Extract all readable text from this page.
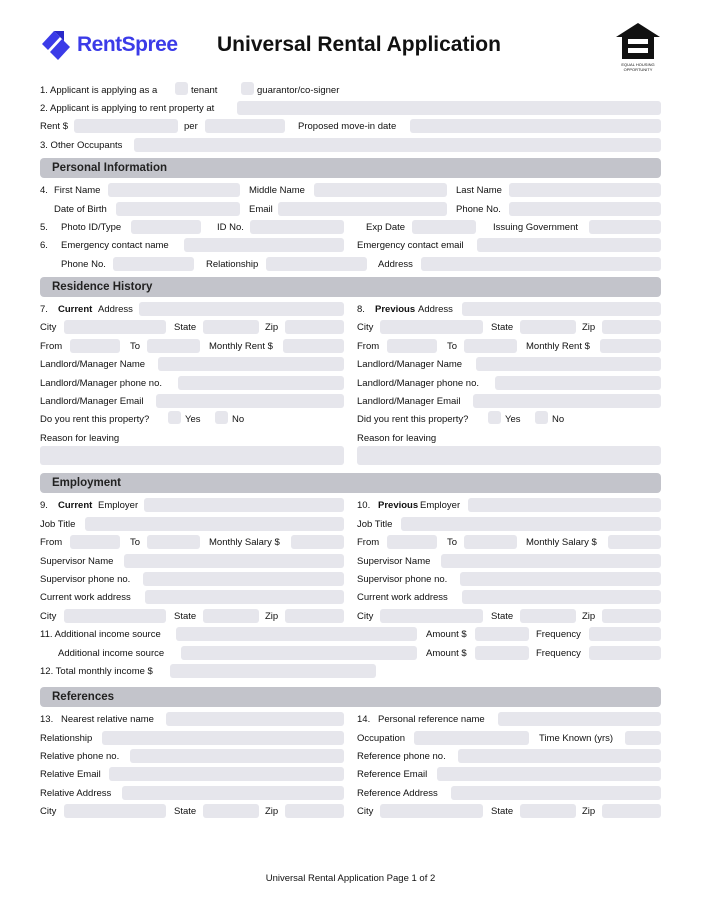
RentSpree Universal Rental Application
EQUAL HOUSING OPPORTUNITY
1. Applicant is applying as a	tenant	guarantor/co-signer
2. Applicant is applying to rent property at
Rent $	per	Proposed move-in date
3. Other Occupants
Personal Information
4. First Name	Middle Name	Last Name
Date of Birth	Email	Phone No.
5. Photo ID/Type	ID No.	Exp Date	Issuing Government
6. Emergency contact name	Emergency contact email
Phone No.	Relationship	Address
Residence History
7. Current Address
City	State	Zip
From	To	Monthly Rent $
Landlord/Manager Name
Landlord/Manager phone no.
Landlord/Manager Email
Do you rent this property?	Yes	No
Reason for leaving
8. Previous Address
City	State	Zip
From	To	Monthly Rent $
Landlord/Manager Name
Landlord/Manager phone no.
Landlord/Manager Email
Did you rent this property?	Yes	No
Reason for leaving
Employment
9. Current Employer
Job Title
From	To	Monthly Salary $
Supervisor Name
Supervisor phone no.
Current work address
City	State	Zip
10. Previous Employer
Job Title
From	To	Monthly Salary $
Supervisor Name
Supervisor phone no.
Current work address
City	State	Zip
11. Additional income source	Amount $	Frequency
Additional income source	Amount $	Frequency
12. Total monthly income $
References
13. Nearest relative name	14. Personal reference name
Relationship	Occupation	Time Known (yrs)
Relative phone no.	Reference phone no.
Relative Email	Reference Email
Relative Address	Reference Address
City	State	Zip	City	State	Zip
Universal Rental Application Page 1 of 2
